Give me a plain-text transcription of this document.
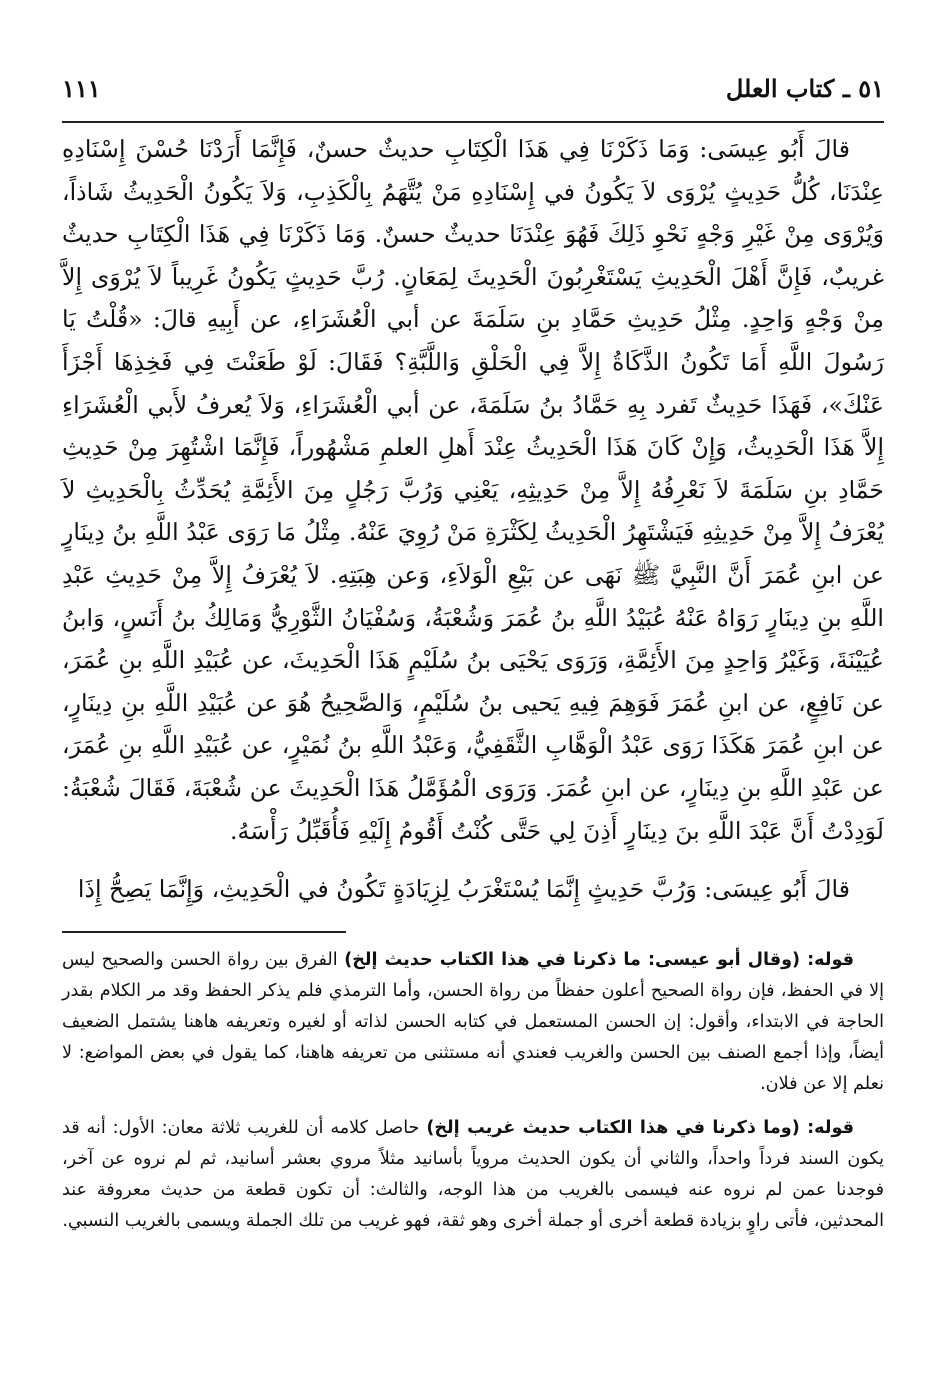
٥١ ـ كتاب العلل
١١١

قالَ أَبُو عِيسَى: وَمَا ذَكَرْنَا فِي هَذَا الْكِتَابِ حديثٌ حسنٌ، فَإِنَّمَا أَرَدْنَا حُسْنَ إِسْنَادِهِ عِنْدَنَا، كُلُّ حَدِيثٍ يُرْوَى لاَ يَكُونُ في إِسْنَادِهِ مَنْ يُتَّهَمُ بِالْكَذِبِ، وَلاَ يَكُونُ الْحَدِيثُ شَاذاً، وَيُرْوَى مِنْ غَيْرِ وَجْهٍ نَحْوِ ذَلِكَ فَهُوَ عِنْدَنَا حديثٌ حسنٌ. وَمَا ذَكَرْنَا فِي هَذَا الْكِتَابِ حديثٌ غريبٌ، فَإِنَّ أَهْلَ الْحَدِيثِ يَسْتَغْرِبُونَ الْحَدِيثَ لِمَعَانٍ. رُبَّ حَدِيثٍ يَكُونُ غَرِيباً لاَ يُرْوَى إِلاَّ مِنْ وَجْهٍ وَاحِدٍ. مِثْلُ حَدِيثِ حَمَّادِ بنِ سَلَمَةَ عن أبي الْعُشَرَاءِ، عن أَبِيهِ قالَ: «قُلْتُ يَا رَسُولَ اللَّهِ أَمَا تَكُونُ الذَّكَاةُ إِلاَّ فِي الْحَلْقِ وَاللَّبَّةِ؟ فَقَالَ: لَوْ طَعَنْتَ فِي فَخِذِهَا أَجْزَأَ عَنْكَ»، فَهَذَا حَدِيثٌ تَفرد بِهِ حَمَّادُ بنُ سَلَمَةَ، عن أبي الْعُشَرَاءِ، وَلاَ يُعرفُ لأَبي الْعُشَرَاءِ إِلاَّ هَذَا الْحَدِيثُ، وَإِنْ كَانَ هَذَا الْحَدِيثُ عِنْدَ أَهلِ العلمِ مَشْهُوراً، فَإِنَّمَا اشْتُهِرَ مِنْ حَدِيثِ حَمَّادِ بنِ سَلَمَةَ لاَ نَعْرِفُهُ إِلاَّ مِنْ حَدِيثِهِ، يَعْنِي وَرُبَّ رَجُلٍ مِنَ الأَئِمَّةِ يُحَدِّثُ بِالْحَدِيثِ لاَ يُعْرَفُ إِلاَّ مِنْ حَدِيثِهِ فَيَشْتَهِرُ الْحَدِيثُ لِكَثْرَةِ مَنْ رُوِيَ عَنْهُ. مِثْلُ مَا رَوَى عَبْدُ اللَّهِ بنُ دِينَارٍ عن ابنِ عُمَرَ أَنَّ النَّبِيَّ ﷺ نَهَى عن بَيْعِ الْوَلاَءِ، وَعن هِبَتِهِ. لاَ يُعْرَفُ إِلاَّ مِنْ حَدِيثِ عَبْدِ اللَّهِ بنِ دِينَارٍ رَوَاهُ عَنْهُ عُبَيْدُ اللَّهِ بنُ عُمَرَ وَشُعْبَةُ، وَسُفْيَانُ الثَّوْرِيُّ وَمَالِكُ بنُ أَنَسٍ، وَابنُ عُيَيْنَةَ، وَغَيْرُ وَاحِدٍ مِنَ الأَئِمَّةِ، وَرَوَى يَحْيَى بنُ سُلَيْمٍ هَذَا الْحَدِيثَ، عن عُبَيْدِ اللَّهِ بنِ عُمَرَ، عن نَافِعٍ، عن ابنِ عُمَرَ فَوَهِمَ فِيهِ يَحيى بنُ سُلَيْمٍ، وَالصَّحِيحُ هُوَ عن عُبَيْدِ اللَّهِ بنِ دِينَارٍ، عن ابنِ عُمَرَ هَكَذَا رَوَى عَبْدُ الْوَهَّابِ الثَّقَفِيُّ، وَعَبْدُ اللَّهِ بنُ نُمَيْرٍ، عن عُبَيْدِ اللَّهِ بنِ عُمَرَ، عن عَبْدِ اللَّهِ بنِ دِينَارٍ، عن ابنِ عُمَرَ. وَرَوَى الْمُؤَمَّلُ هَذَا الْحَدِيثَ عن شُعْبَةَ، فَقَالَ شُعْبَةُ: لَوَدِدْتُ أَنَّ عَبْدَ اللَّهِ بنَ دِينَارٍ أَذِنَ لِي حَتَّى كُنْتُ أَقُومُ إِلَيْهِ فَأُقَبِّلُ رَأْسَهُ.

قالَ أَبُو عِيسَى: وَرُبَّ حَدِيثٍ إِنَّمَا يُسْتَغْرَبُ لِزِيَادَةٍ تَكُونُ في الْحَدِيثِ، وَإِنَّمَا يَصِحُّ إِذَا

قوله: (وقال أبو عيسى: ما ذكرنا في هذا الكتاب حديث إلخ) الفرق بين رواة الحسن والصحيح ليس إلا في الحفظ، فإن رواة الصحيح أعلون حفظاً من رواة الحسن، وأما الترمذي فلم يذكر الحفظ وقد مر الكلام بقدر الحاجة في الابتداء، وأقول: إن الحسن المستعمل في كتابه الحسن لذاته أو لغيره وتعريفه هاهنا يشتمل الضعيف أيضاً، وإذا أجمع الصنف بين الحسن والغريب فعندي أنه مستثنى من تعريفه هاهنا، كما يقول في بعض المواضع: لا نعلم إلا عن فلان.

قوله: (وما ذكرنا في هذا الكتاب حديث غريب إلخ) حاصل كلامه أن للغريب ثلاثة معان: الأول: أنه قد يكون السند فرداً واحداً، والثاني أن يكون الحديث مروياً بأسانيد مثلاً مروي بعشر أسانيد، ثم لم نروه عن آخر، فوجدنا عمن لم نروه عنه فيسمى بالغريب من هذا الوجه، والثالث: أن تكون قطعة من حديث معروفة عند المحدثين، فأتى راوٍ بزيادة قطعة أخرى أو جملة أخرى وهو ثقة، فهو غريب من تلك الجملة ويسمى بالغريب النسبي.
